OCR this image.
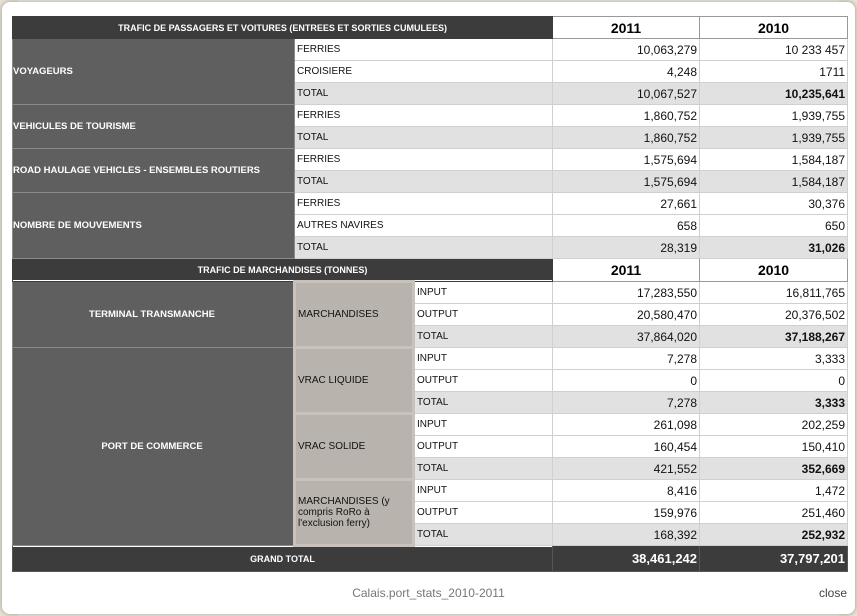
TRAFIC DE PASSAGERS ET VOITURES (ENTREES ET SORTIES CUMULEES)			2011	2010
VOYAGEURS	FERRIES		10,063,279	10 233 457
	CROISIERE		4,248	1711
	TOTAL		10,067,527	10,235,641
VEHICULES DE TOURISME	FERRIES		1,860,752	1,939,755
	TOTAL		1,860,752	1,939,755
ROAD HAULAGE VEHICLES - ENSEMBLES ROUTIERS	FERRIES		1,575,694	1,584,187
	TOTAL		1,575,694	1,584,187
NOMBRE DE MOUVEMENTS	FERRIES		27,661	30,376
	AUTRES NAVIRES		658	650
	TOTAL		28,319	31,026
TRAFIC DE MARCHANDISES (TONNES)			2011	2010
TERMINAL TRANSMANCHE	MARCHANDISES	INPUT	17,283,550	16,811,765
		OUTPUT	20,580,470	20,376,502
		TOTAL	37,864,020	37,188,267
PORT DE COMMERCE	VRAC LIQUIDE	INPUT	7,278	3,333
		OUTPUT	0	0
		TOTAL	7,278	3,333
	VRAC SOLIDE	INPUT	261,098	202,259
		OUTPUT	160,454	150,410
		TOTAL	421,552	352,669
	MARCHANDISES (y compris RoRo à l'exclusion ferry)	INPUT	8,416	1,472
		OUTPUT	159,976	251,460
		TOTAL	168,392	252,932
GRAND TOTAL			38,461,242	37,797,201
Calais.port_stats_2010-2011	close
